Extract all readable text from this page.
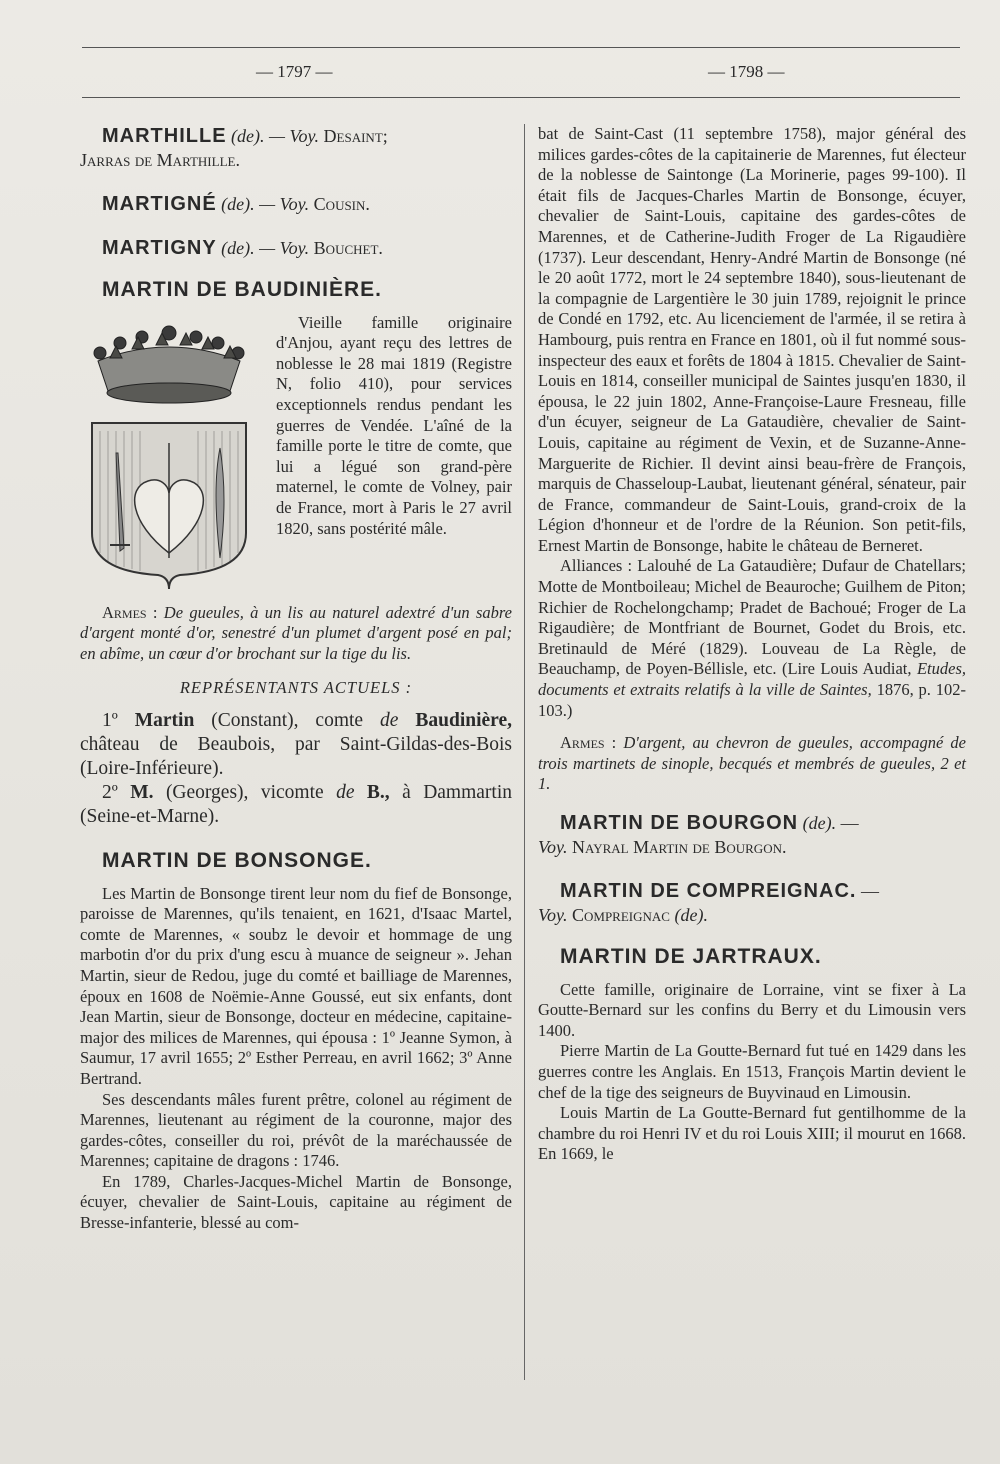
— 1797 —	— 1798 —

MARTHILLE (de). — Voy. Desaint;
Jarras de Marthille.

MARTIGNÉ (de). — Voy. Cousin.

MARTIGNY (de). — Voy. Bouchet.

MARTIN DE BAUDINIÈRE.

Vieille famille originaire d'Anjou, ayant reçu des lettres de noblesse le 28 mai 1819 (Registre N, folio 410), pour services exceptionnels rendus pendant les guerres de Vendée. L'aîné de la famille porte le titre de comte, que lui a légué son grand-père maternel, le comte de Volney, pair de France, mort à Paris le 27 avril 1820, sans postérité mâle.

Armes : De gueules, à un lis au naturel adextré d'un sabre d'argent monté d'or, senestré d'un plumet d'argent posé en pal; en abîme, un cœur d'or brochant sur la tige du lis.

REPRÉSENTANTS ACTUELS :

1º Martin (Constant), comte de Baudinière, château de Beaubois, par Saint-Gildas-des-Bois (Loire-Inférieure).

2º M. (Georges), vicomte de B., à Dammartin (Seine-et-Marne).

MARTIN DE BONSONGE.

Les Martin de Bonsonge tirent leur nom du fief de Bonsonge, paroisse de Marennes, qu'ils tenaient, en 1621, d'Isaac Martel, comte de Marennes, « soubz le devoir et hommage de ung marbotin d'or du prix d'ung escu à muance de seigneur ». Jehan Martin, sieur de Redou, juge du comté et bailliage de Marennes, époux en 1608 de Noëmie-Anne Goussé, eut six enfants, dont Jean Martin, sieur de Bonsonge, docteur en médecine, capitaine-major des milices de Marennes, qui épousa : 1º Jeanne Symon, à Saumur, 17 avril 1655; 2º Esther Perreau, en avril 1662; 3º Anne Bertrand.

Ses descendants mâles furent prêtre, colonel au régiment de Marennes, lieutenant au régiment de la couronne, major des gardes-côtes, conseiller du roi, prévôt de la maréchaussée de Marennes; capitaine de dragons : 1746.

En 1789, Charles-Jacques-Michel Martin de Bonsonge, écuyer, chevalier de Saint-Louis, capitaine au régiment de Bresse-infanterie, blessé au com-

bat de Saint-Cast (11 septembre 1758), major général des milices gardes-côtes de la capitainerie de Marennes, fut électeur de la noblesse de Saintonge (La Morinerie, pages 99-100). Il était fils de Jacques-Charles Martin de Bonsonge, écuyer, chevalier de Saint-Louis, capitaine des gardes-côtes de Marennes, et de Catherine-Judith Froger de La Rigaudière (1737). Leur descendant, Henry-André Martin de Bonsonge (né le 20 août 1772, mort le 24 septembre 1840), sous-lieutenant de la compagnie de Largentière le 30 juin 1789, rejoignit le prince de Condé en 1792, etc. Au licenciement de l'armée, il se retira à Hambourg, puis rentra en France en 1801, où il fut nommé sous-inspecteur des eaux et forêts de 1804 à 1815. Chevalier de Saint-Louis en 1814, conseiller municipal de Saintes jusqu'en 1830, il épousa, le 22 juin 1802, Anne-Françoise-Laure Fresneau, fille d'un écuyer, seigneur de La Gataudière, chevalier de Saint-Louis, capitaine au régiment de Vexin, et de Suzanne-Anne-Marguerite de Richier. Il devint ainsi beau-frère de François, marquis de Chasseloup-Laubat, lieutenant général, sénateur, pair de France, commandeur de Saint-Louis, grand-croix de la Légion d'honneur et de l'ordre de la Réunion. Son petit-fils, Ernest Martin de Bonsonge, habite le château de Berneret.

Alliances : Lalouhé de La Gataudière; Dufaur de Chatellars; Motte de Montboileau; Michel de Beauroche; Guilhem de Piton; Richier de Rochelongchamp; Pradet de Bachoué; Froger de La Rigaudière; de Montfriant de Bournet, Godet du Brois, etc. Bretinauld de Méré (1829). Louveau de La Règle, de Beauchamp, de Poyen-Béllisle, etc. (Lire Louis Audiat, Etudes, documents et extraits relatifs à la ville de Saintes, 1876, p. 102-103.)

Armes : D'argent, au chevron de gueules, accompagné de trois martinets de sinople, becqués et membrés de gueules, 2 et 1.

MARTIN DE BOURGON (de). —
Voy. Nayral Martin de Bourgon.

MARTIN DE COMPREIGNAC. —
Voy. Compreignac (de).

MARTIN DE JARTRAUX.

Cette famille, originaire de Lorraine, vint se fixer à La Goutte-Bernard sur les confins du Berry et du Limousin vers 1400.

Pierre Martin de La Goutte-Bernard fut tué en 1429 dans les guerres contre les Anglais. En 1513, François Martin devient le chef de la tige des seigneurs de Buyvinaud en Limousin.

Louis Martin de La Goutte-Bernard fut gentilhomme de la chambre du roi Henri IV et du roi Louis XIII; il mourut en 1668. En 1669, le
